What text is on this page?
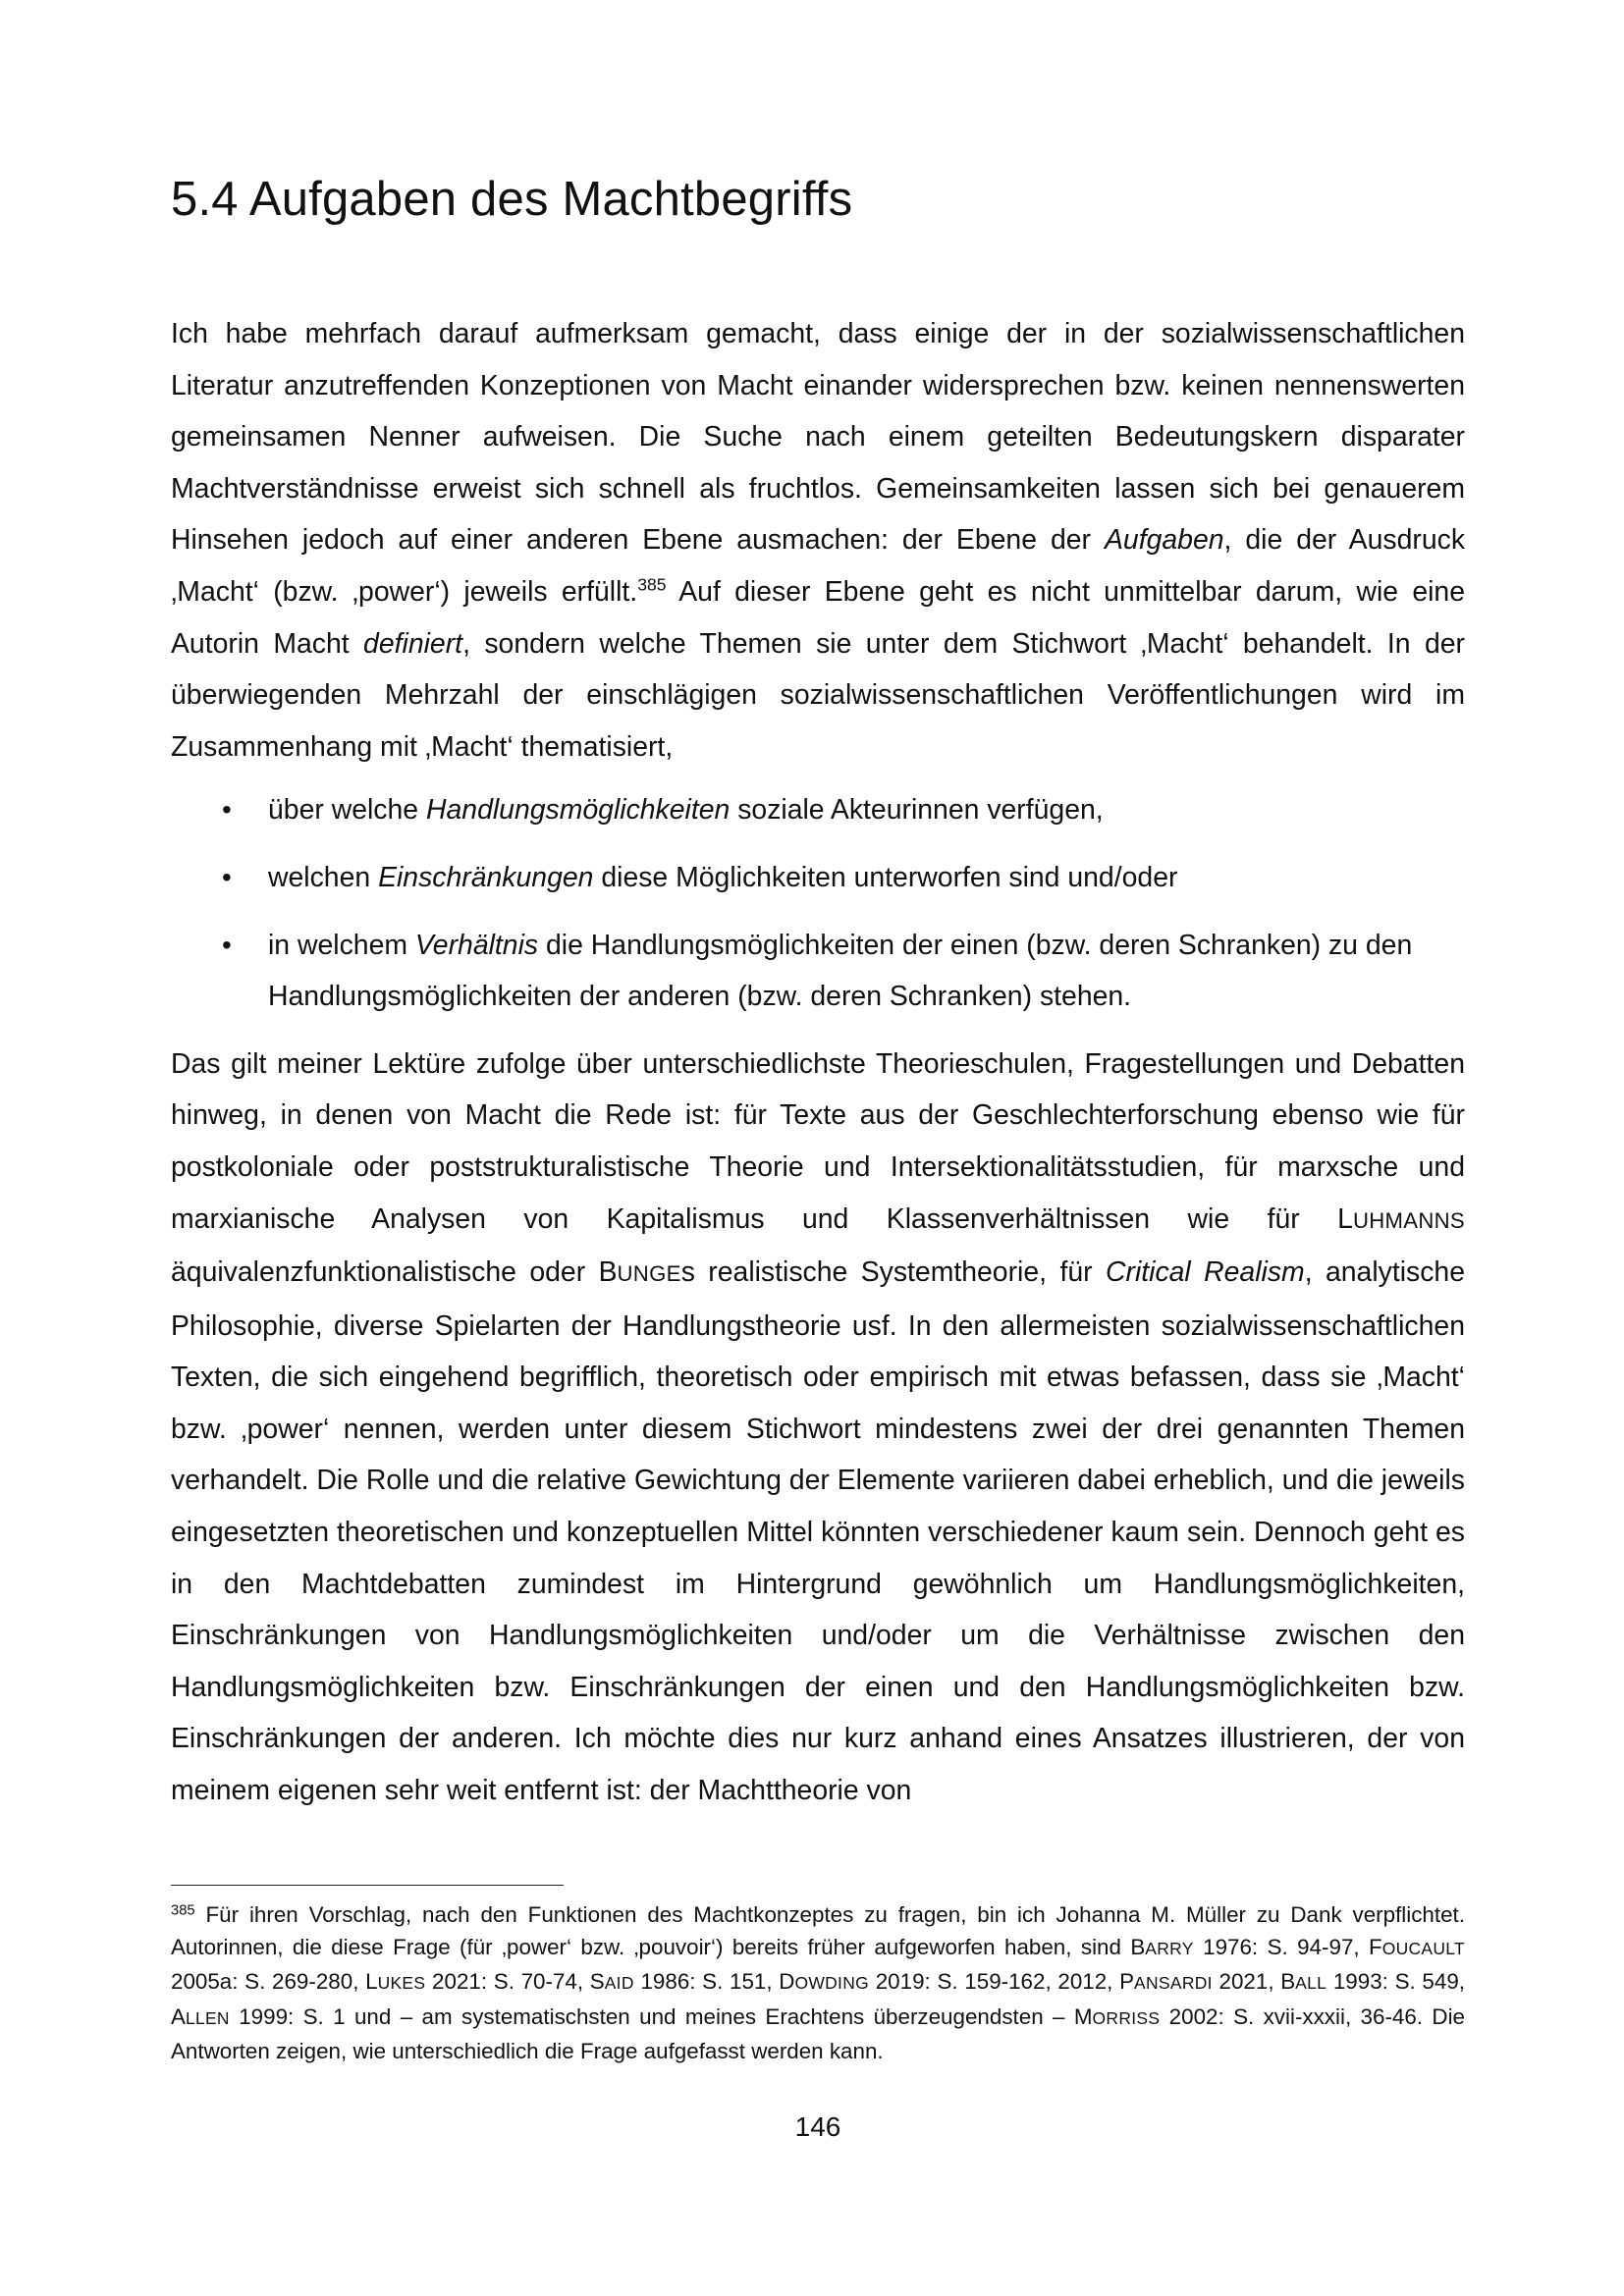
5.4 Aufgaben des Machtbegriffs

Ich habe mehrfach darauf aufmerksam gemacht, dass einige der in der sozialwissenschaftlichen Literatur anzutreffenden Konzeptionen von Macht einander widersprechen bzw. keinen nennenswerten gemeinsamen Nenner aufweisen. Die Suche nach einem geteilten Bedeutungskern disparater Machtverständnisse erweist sich schnell als fruchtlos. Gemeinsamkeiten lassen sich bei genauerem Hinsehen jedoch auf einer anderen Ebene ausmachen: der Ebene der Aufgaben, die der Ausdruck ‚Macht‘ (bzw. ‚power‘) jeweils erfüllt.$^{385}$ Auf dieser Ebene geht es nicht unmittelbar darum, wie eine Autorin Macht definiert, sondern welche Themen sie unter dem Stichwort ‚Macht‘ behandelt. In der überwiegenden Mehrzahl der einschlägigen sozialwissenschaftlichen Veröffentlichungen wird im Zusammenhang mit ‚Macht‘ thematisiert,

• über welche Handlungsmöglichkeiten soziale Akteurinnen verfügen,
• welchen Einschränkungen diese Möglichkeiten unterworfen sind und/oder
• in welchem Verhältnis die Handlungsmöglichkeiten der einen (bzw. deren Schranken) zu den Handlungsmöglichkeiten der anderen (bzw. deren Schranken) stehen.

Das gilt meiner Lektüre zufolge über unterschiedlichste Theorieschulen, Fragestellungen und Debatten hinweg, in denen von Macht die Rede ist: für Texte aus der Geschlechterforschung ebenso wie für postkoloniale oder poststrukturalistische Theorie und Intersektionalitätsstudien, für marxsche und marxianische Analysen von Kapitalismus und Klassenverhältnissen wie für LUHMANNS äquivalenzfunktionalistische oder BUNGEs realistische Systemtheorie, für Critical Realism, analytische Philosophie, diverse Spielarten der Handlungstheorie usf. In den allermeisten sozialwissenschaftlichen Texten, die sich eingehend begrifflich, theoretisch oder empirisch mit etwas befassen, dass sie ‚Macht‘ bzw. ‚power‘ nennen, werden unter diesem Stichwort mindestens zwei der drei genannten Themen verhandelt. Die Rolle und die relative Gewichtung der Elemente variieren dabei erheblich, und die jeweils eingesetzten theoretischen und konzeptuellen Mittel könnten verschiedener kaum sein. Dennoch geht es in den Machtdebatten zumindest im Hintergrund gewöhnlich um Handlungsmöglichkeiten, Einschränkungen von Handlungsmöglichkeiten und/oder um die Verhältnisse zwischen den Handlungsmöglichkeiten bzw. Einschränkungen der einen und den Handlungsmöglichkeiten bzw. Einschränkungen der anderen. Ich möchte dies nur kurz anhand eines Ansatzes illustrieren, der von meinem eigenen sehr weit entfernt ist: der Machttheorie von

$^{385}$ Für ihren Vorschlag, nach den Funktionen des Machtkonzeptes zu fragen, bin ich Johanna M. Müller zu Dank verpflichtet. Autorinnen, die diese Frage (für ‚power‘ bzw. ‚pouvoir‘) bereits früher aufgeworfen haben, sind BARRY 1976: S. 94-97, FOUCAULT 2005a: S. 269-280, LUKES 2021: S. 70-74, SAID 1986: S. 151, DOWDING 2019: S. 159-162, 2012, PANSARDI 2021, BALL 1993: S. 549, ALLEN 1999: S. 1 und – am systematischsten und meines Erachtens überzeugendsten – MORRISS 2002: S. xvii-xxxii, 36-46. Die Antworten zeigen, wie unterschiedlich die Frage aufgefasst werden kann.

146
